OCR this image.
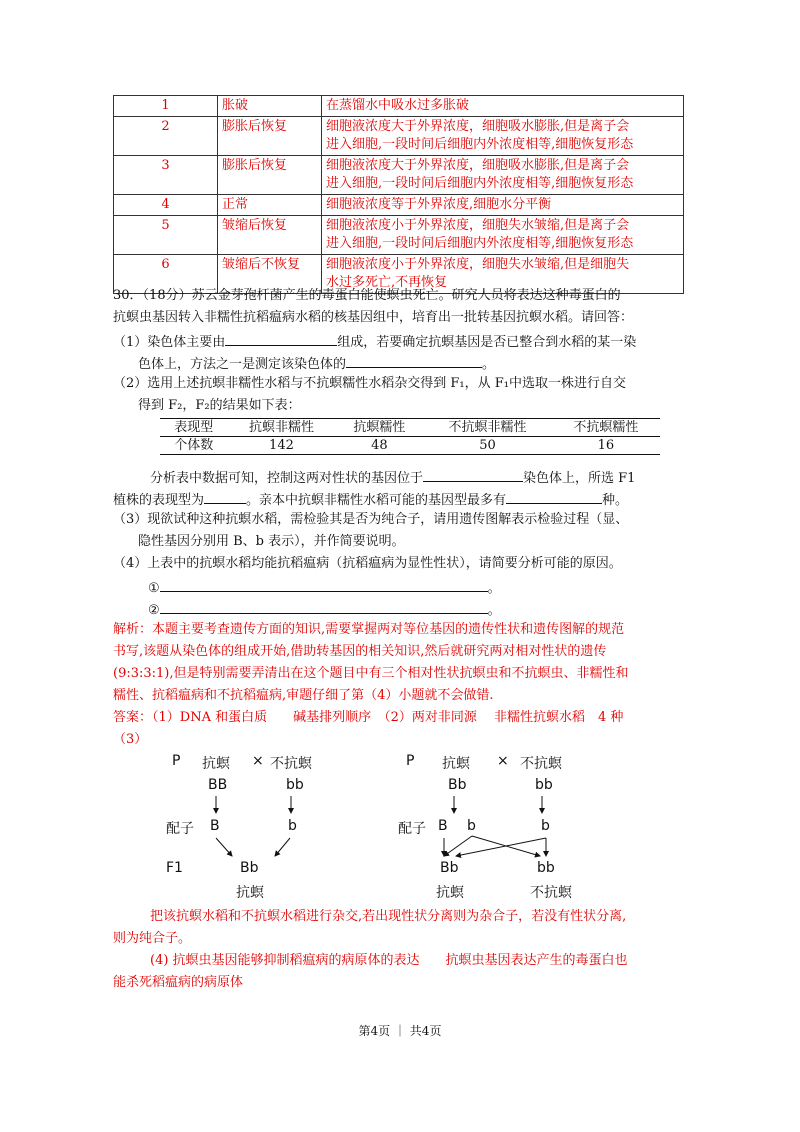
1	胀破	在蒸馏水中吸水过多胀破

2	膨胀后恢复	细胞液浓度大于外界浓度，细胞吸水膨胀,但是离子会
进入细胞,一段时间后细胞内外浓度相等,细胞恢复形态

3	膨胀后恢复	细胞液浓度大于外界浓度，细胞吸水膨胀,但是离子会
进入细胞,一段时间后细胞内外浓度相等,细胞恢复形态

4	正常	细胞液浓度等于外界浓度,细胞水分平衡

5	皱缩后恢复	细胞液浓度小于外界浓度，细胞失水皱缩,但是离子会
进入细胞,一段时间后细胞内外浓度相等,细胞恢复形态

6	皱缩后不恢复	细胞液浓度小于外界浓度，细胞失水皱缩,但是细胞失
水过多死亡,不再恢复
30．（18分）苏云金芽孢杆菌产生的毒蛋白能使螟虫死亡。研究人员将表达这种毒蛋白的
抗螟虫基因转入非糯性抗稻瘟病水稻的核基因组中，培育出一批转基因抗螟水稻。请回答：
（1）染色体主要由	组成，若要确定抗螟基因是否已整合到水稻的某一染
色体上，方法之一是测定该染色体的	。
（2）选用上述抗螟非糯性水稻与不抗螟糯性水稻杂交得到 F₁，从 F₁中选取一株进行自交
得到 F₂，F₂的结果如下表：
表现型	抗螟非糯性	抗螟糯性	不抗螟非糯性	不抗螟糯性
个体数	142	48	50	16
分析表中数据可知，控制这两对性状的基因位于	染色体上，所选 F1
植株的表现型为	。亲本中抗螟非糯性水稻可能的基因型最多有	种。
（3）现欲试种这种抗螟水稻，需检验其是否为纯合子，请用遗传图解表示检验过程（显、
隐性基因分别用 B、b 表示），并作简要说明。
（4）上表中的抗螟水稻均能抗稻瘟病（抗稻瘟病为显性性状），请简要分析可能的原因。
①	。
②	。
解析：本题主要考查遗传方面的知识,需要掌握两对等位基因的遗传性状和遗传图解的规范
书写,该题从染色体的组成开始,借助转基因的相关知识,然后就研究两对相对性状的遗传
(9:3:3:1),但是特别需要弄清出在这个题目中有三个相对性状抗螟虫和不抗螟虫、非糯性和
糯性、抗稻瘟病和不抗稻瘟病,审题仔细了第（4）小题就不会做错.
答案：（1）DNA 和蛋白质　　碱基排列顺序　（2）两对非同源　 非糯性抗螟水稻　4 种
（3）
P 抗螟 × 不抗螟
BB	bb
配子 B	b
F1	Bb
抗螟
P 抗螟 × 不抗螟
Bb	bb
配子 B b	b
Bb	bb
抗螟	不抗螟
把该抗螟水稻和不抗螟水稻进行杂交,若出现性状分离则为杂合子，若没有性状分离,
则为纯合子。
(4) 抗螟虫基因能够抑制稻瘟病的病原体的表达　　抗螟虫基因表达产生的毒蛋白也
能杀死稻瘟病的病原体
第4页 ｜ 共4页
